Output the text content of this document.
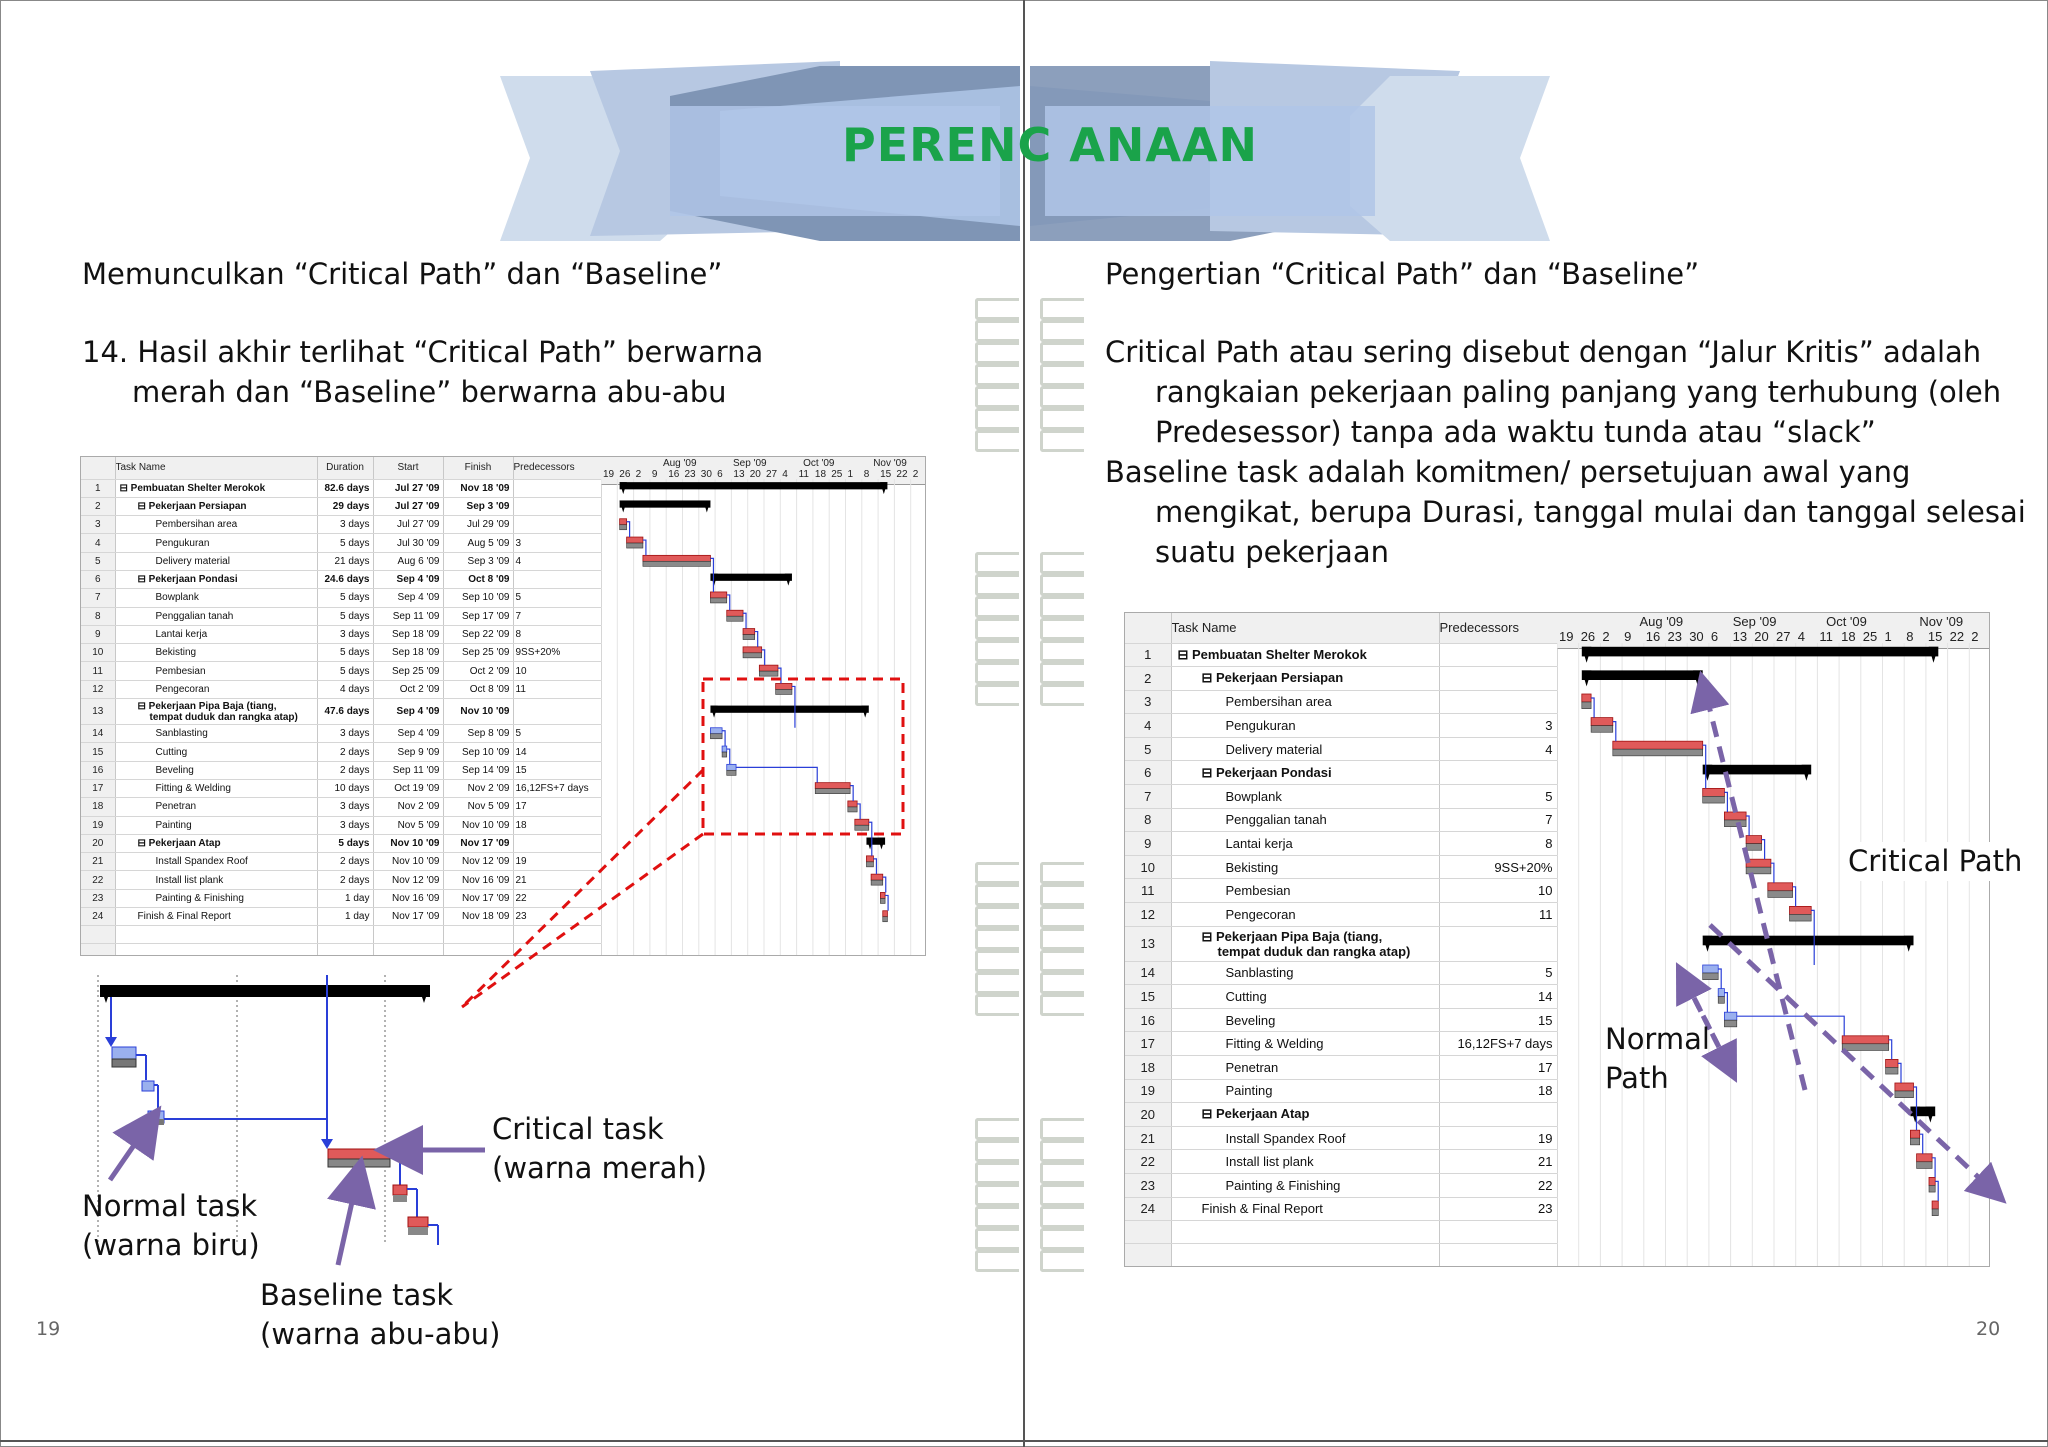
PERENC ANAAN
Memunculkan “Critical Path” dan “Baseline”
14. Hasil akhir terlihat “Critical Path” berwarna
merah dan “Baseline” berwarna abu-abu
	Task Name	Duration	Start	Finish	Predecessors
1	⊟ Pembuatan Shelter Merokok	82.6 days	Jul 27 '09	Nov 18 '09	
2	⊟ Pekerjaan Persiapan	29 days	Jul 27 '09	Sep 3 '09	
3	Pembersihan area	3 days	Jul 27 '09	Jul 29 '09	
4	Pengukuran	5 days	Jul 30 '09	Aug 5 '09	3
5	Delivery material	21 days	Aug 6 '09	Sep 3 '09	4
6	⊟ Pekerjaan Pondasi	24.6 days	Sep 4 '09	Oct 8 '09	
7	Bowplank	5 days	Sep 4 '09	Sep 10 '09	5
8	Penggalian tanah	5 days	Sep 11 '09	Sep 17 '09	7
9	Lantai kerja	3 days	Sep 18 '09	Sep 22 '09	8
10	Bekisting	5 days	Sep 18 '09	Sep 25 '09	9SS+20%
11	Pembesian	5 days	Sep 25 '09	Oct 2 '09	10
12	Pengecoran	4 days	Oct 2 '09	Oct 8 '09	11
13	⊟ Pekerjaan Pipa Baja (tiang,
tempat duduk dan rangka atap)	47.6 days	Sep 4 '09	Nov 10 '09	
14	Sanblasting	3 days	Sep 4 '09	Sep 8 '09	5
15	Cutting	2 days	Sep 9 '09	Sep 10 '09	14
16	Beveling	2 days	Sep 11 '09	Sep 14 '09	15
17	Fitting & Welding	10 days	Oct 19 '09	Nov 2 '09	16,12FS+7 days
18	Penetran	3 days	Nov 2 '09	Nov 5 '09	17
19	Painting	3 days	Nov 5 '09	Nov 10 '09	18
20	⊟ Pekerjaan Atap	5 days	Nov 10 '09	Nov 17 '09	
21	Install Spandex Roof	2 days	Nov 10 '09	Nov 12 '09	19
22	Install list plank	2 days	Nov 12 '09	Nov 16 '09	21
23	Painting & Finishing	1 day	Nov 16 '09	Nov 17 '09	22
24	Finish & Final Report	1 day	Nov 17 '09	Nov 18 '09	23

Aug '09	Sep '09	Oct '09	Nov '09
19 26 2 9 16 23 30 6 13 20 27 4 11 18 25 1 8 15 22 2
Critical task
(warna merah)
Normal task
(warna biru)
Baseline task
(warna abu-abu)
19
Pengertian “Critical Path” dan “Baseline”
Critical Path atau sering disebut dengan “Jalur Kritis” adalah
rangkaian pekerjaan paling panjang yang terhubung (oleh
Predesessor) tanpa ada waktu tunda atau “slack”
Baseline task adalah komitmen/ persetujuan awal yang
mengikat, berupa Durasi, tanggal mulai dan tanggal selesai
suatu pekerjaan
	Task Name	Predecessors
1	⊟ Pembuatan Shelter Merokok	
2	⊟ Pekerjaan Persiapan	
3	Pembersihan area	
4	Pengukuran	3
5	Delivery material	4
6	⊟ Pekerjaan Pondasi	
7	Bowplank	5
8	Penggalian tanah	7
9	Lantai kerja	8
10	Bekisting	9SS+20%
11	Pembesian	10
12	Pengecoran	11
13	⊟ Pekerjaan Pipa Baja (tiang,
tempat duduk dan rangka atap)	
14	Sanblasting	5
15	Cutting	14
16	Beveling	15
17	Fitting & Welding	16,12FS+7 days
18	Penetran	17
19	Painting	18
20	⊟ Pekerjaan Atap	
21	Install Spandex Roof	19
22	Install list plank	21
23	Painting & Finishing	22
24	Finish & Final Report	23

Aug '09	Sep '09	Oct '09	Nov '09
19 26 2 9 16 23 30 6 13 20 27 4 11 18 25 1 8 15 22 2
Critical Path
Normal
Path
20
